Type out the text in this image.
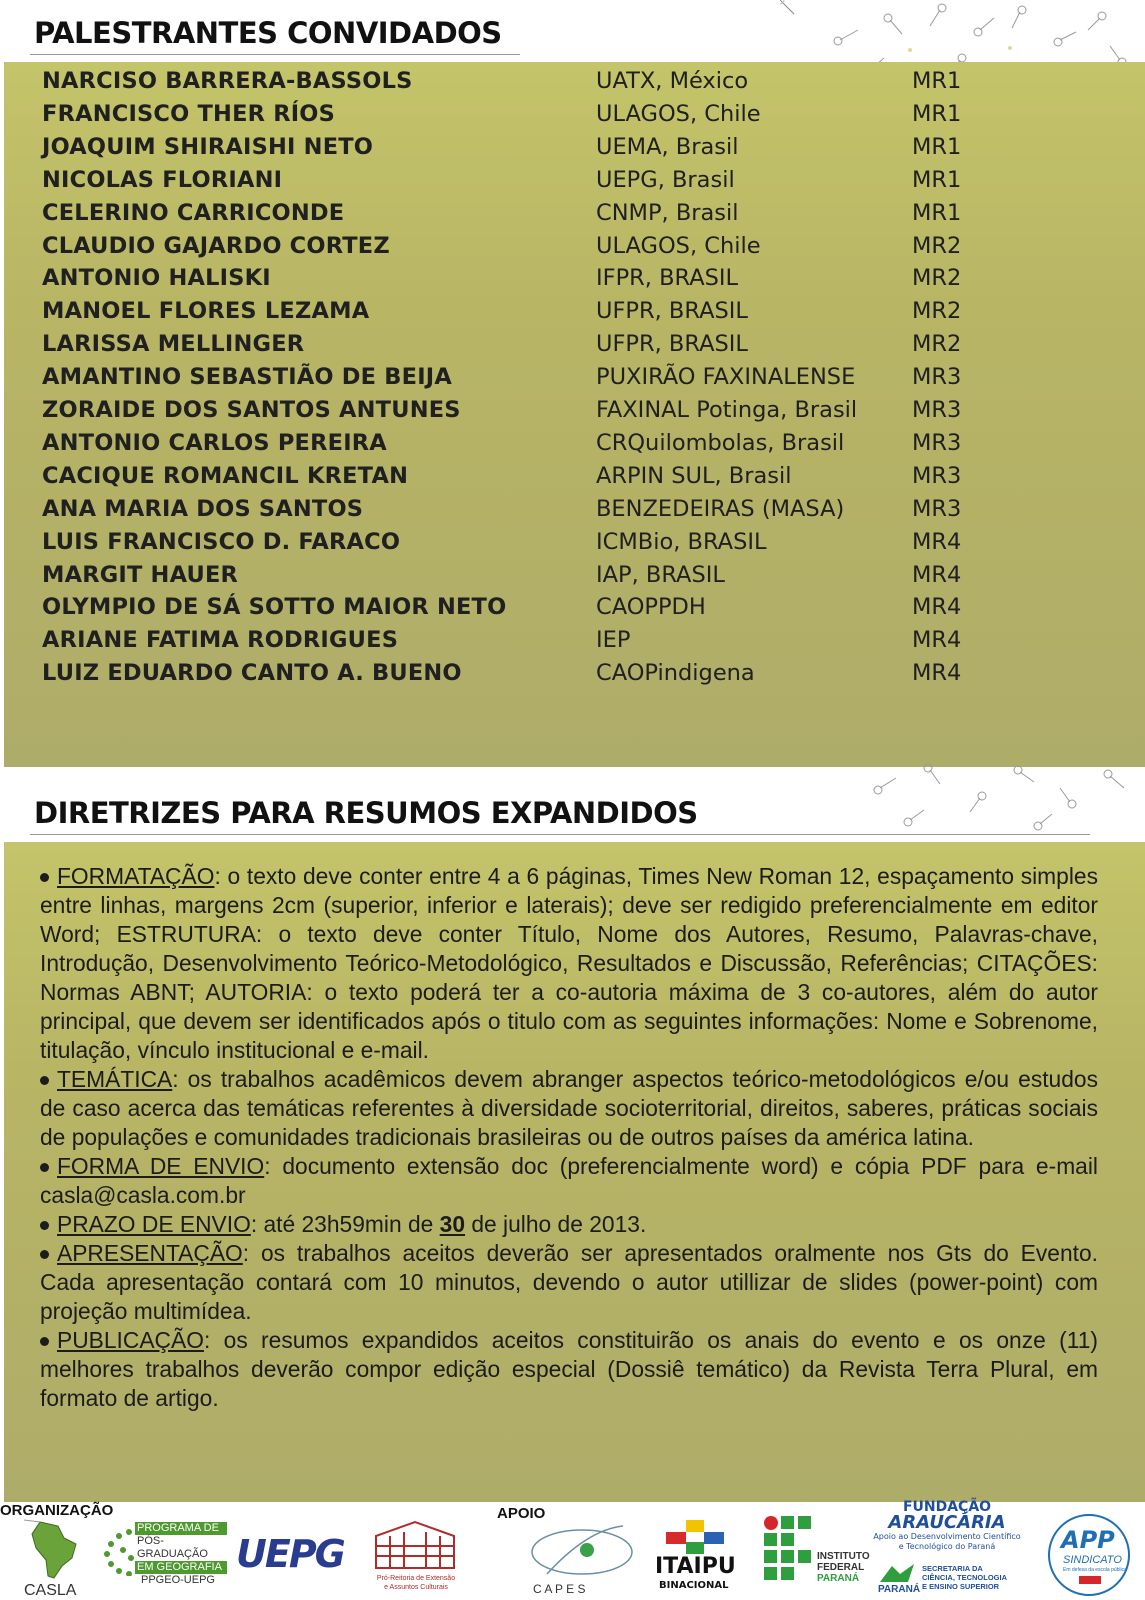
PALESTRANTES CONVIDADOS
NARCISO BARRERA-BASSOLS	UATX, México	MR1
FRANCISCO THER RÍOS	ULAGOS, Chile	MR1
JOAQUIM SHIRAISHI NETO	UEMA, Brasil	MR1
NICOLAS FLORIANI	UEPG, Brasil	MR1
CELERINO CARRICONDE	CNMP, Brasil	MR1
CLAUDIO GAJARDO CORTEZ	ULAGOS, Chile	MR2
ANTONIO HALISKI	IFPR, BRASIL	MR2
MANOEL FLORES LEZAMA	UFPR, BRASIL	MR2
LARISSA MELLINGER	UFPR, BRASIL	MR2
AMANTINO SEBASTIÃO DE BEIJA	PUXIRÃO FAXINALENSE	MR3
ZORAIDE DOS SANTOS ANTUNES	FAXINAL Potinga, Brasil MR3
ANTONIO CARLOS PEREIRA	CRQuilombolas, Brasil	MR3
CACIQUE ROMANCIL KRETAN	ARPIN SUL, Brasil	MR3
ANA MARIA DOS SANTOS	BENZEDEIRAS (MASA)	MR3
LUIS FRANCISCO D. FARACO	ICMBio, BRASIL	MR4
MARGIT HAUER	IAP, BRASIL	MR4
OLYMPIO DE SÁ SOTTO MAIOR NETO	CAOPPDH	MR4
ARIANE FATIMA RODRIGUES	IEP	MR4
LUIZ EDUARDO CANTO A. BUENO	CAOPindigena	MR4
DIRETRIZES PARA RESUMOS EXPANDIDOS

FORMATAÇÃO: o texto deve conter entre 4 a 6 páginas, Times New Roman 12, espaçamento simples entre linhas, margens 2cm (superior, inferior e laterais); deve ser redigido preferencialmente em editor Word; ESTRUTURA: o texto deve conter Título, Nome dos Autores, Resumo, Palavras-chave, Introdução, Desenvolvimento Teórico-Metodológico, Resultados e Discussão, Referências; CITAÇÕES: Normas ABNT; AUTORIA: o texto poderá ter a co-autoria máxima de 3 co-autores, além do autor principal, que devem ser identificados após o titulo com as seguintes informações: Nome e Sobrenome, titulação, vínculo institucional e e-mail.

TEMÁTICA: os trabalhos acadêmicos devem abranger aspectos teórico-metodológicos e/ou estudos de caso acerca das temáticas referentes à diversidade socioterritorial, direitos, saberes, práticas sociais de populações e comunidades tradicionais brasileiras ou de outros países da américa latina.

FORMA DE ENVIO: documento extensão doc (preferencialmente word) e cópia PDF para e-mail casla@casla.com.br

PRAZO DE ENVIO: até 23h59min de 30 de julho de 2013.

APRESENTAÇÃO: os trabalhos aceitos deverão ser apresentados oralmente nos Gts do Evento. Cada apresentação contará com 10 minutos, devendo o autor utillizar de slides (power-point) com projeção multimídea.

PUBLICAÇÃO: os resumos expandidos aceitos constituirão os anais do evento e os onze (11) melhores trabalhos deverão compor edição especial (Dossiê temático) da Revista Terra Plural, em formato de artigo.

ORGANIZAÇÃO	APOIO
CASLA
PROGRAMA DE
PÓS-GRADUAÇÃO
EM GEOGRAFIA
PPGEO-UEPG
UEPG
Pró-Reitoria de Extensão
e Assuntos Culturais	C A P E S
ITAIPU
BINACIONAL
INSTITUTO
FEDERAL
PARANÁ
FUNDAÇÃO
ARAUCÁRIA
Apoio ao Desenvolvimento Científico
e Tecnológico do Paraná
PARANÁ
SECRETARIA DA
CIÊNCIA, TECNOLOGIA
E ENSINO SUPERIOR
APP
SINDICATO
Em defesa da escola pública
